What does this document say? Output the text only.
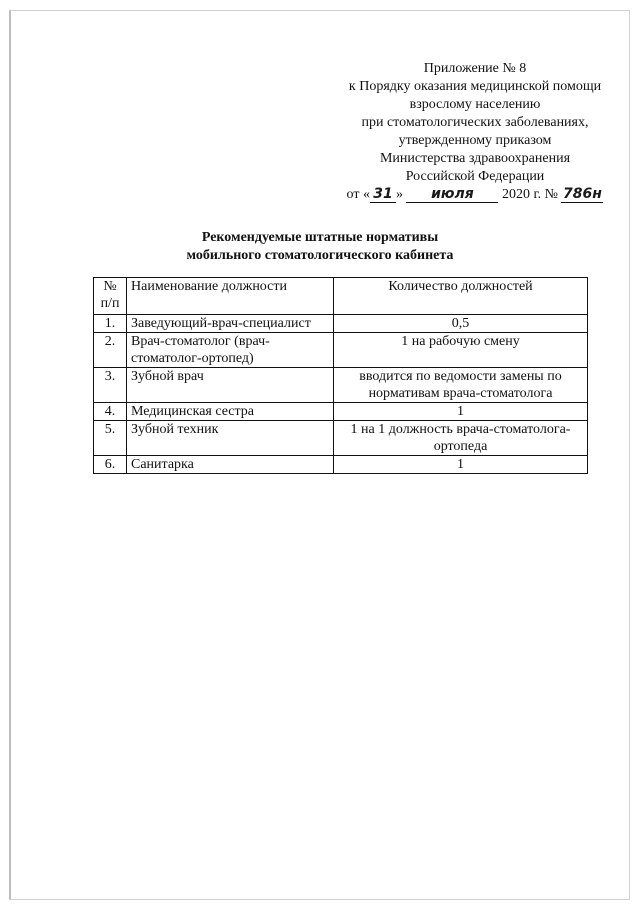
Приложение № 8
к Порядку оказания медицинской помощи
взрослому населению
при стоматологических заболеваниях,
утвержденному приказом
Министерства здравоохранения
Российской Федерации
от « 31 » июля 2020 г. № 786н
Рекомендуемые штатные нормативы
мобильного стоматологического кабинета
№ п/п	Наименование должности	Количество должностей
1.	Заведующий-врач-специалист	0,5
2.	Врач-стоматолог (врач-стоматолог-ортопед)	1 на рабочую смену
3.	Зубной врач	вводится по ведомости замены по нормативам врача-стоматолога
4.	Медицинская сестра	1
5.	Зубной техник	1 на 1 должность врача-стоматолога-ортопеда
6.	Санитарка	1
